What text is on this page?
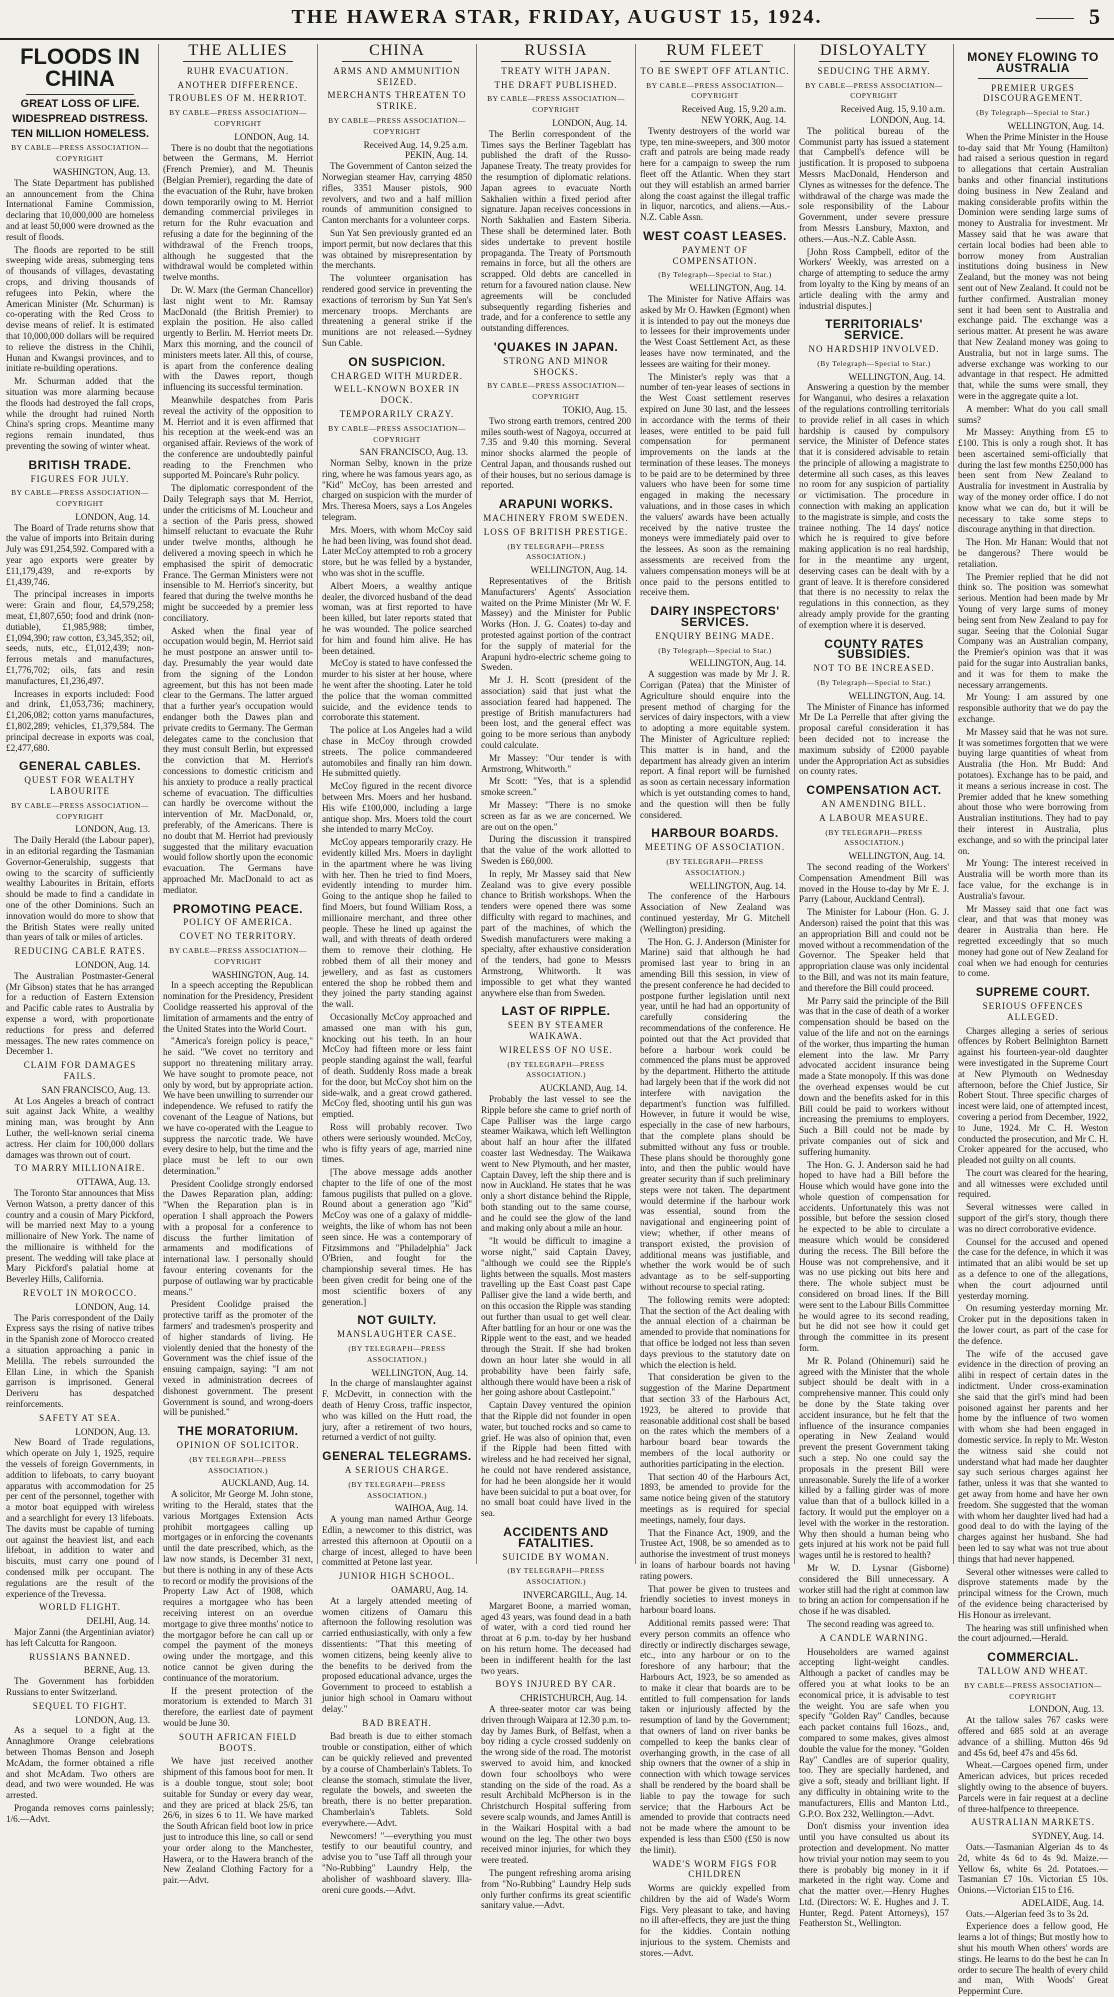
THE HAWERA STAR, FRIDAY, AUGUST 15, 1924.	5
FLOODS IN CHINA
GREAT LOSS OF LIFE.
WIDESPREAD DISTRESS.
TEN MILLION HOMELESS.
BY CABLE—PRESS ASSOCIATION—COPYRIGHT
WASHINGTON, Aug. 13.

The State Department has published an announcement from the China International Famine Commission, declaring that 10,000,000 are homeless and at least 50,000 were drowned as the result of floods.

The floods are reported to be still sweeping wide areas, submerging tens of thousands of villages, devastating crops, and driving thousands of refugees into Pekin, where the American Minister (Mr. Schurman) is co-operating with the Red Cross to devise means of relief. It is estimated that 10,000,000 dollars will be required to relieve the distress in the Chihli, Hunan and Kwangsi provinces, and to initiate re-building operations.

Mr. Schurman added that the situation was more alarming because the floods had destroyed the fall crops, while the drought had ruined North China's spring crops. Meantime many regions remain inundated, thus preventing the sowing of winter wheat.

BRITISH TRADE.
FIGURES FOR JULY.
BY CABLE—PRESS ASSOCIATION—COPYRIGHT
LONDON, Aug. 14.

The Board of Trade returns show that the value of imports into Britain during July was £91,254,592. Compared with a year ago exports were greater by £11,179,439, and re-exports by £1,439,746.

The principal increases in imports were: Grain and flour, £4,579,258; meat, £1,807,650; food and drink (non-dutiable), £1,985,988; timber, £1,094,390; raw cotton, £3,345,352; oil, seeds, nuts, etc., £1,012,439; non-ferrous metals and manufactures, £1,776,702; oils, fats and resin manufactures, £1,236,497.

Increases in exports included: Food and drink, £1,053,736; machinery, £1,206,082; cotton yarns manufactures, £1,802,289; vehicles, £1,379,584. The principal decrease in exports was coal, £2,477,680.

GENERAL CABLES.
QUEST FOR WEALTHY LABOURITE
BY CABLE—PRESS ASSOCIATION—COPYRIGHT
LONDON, Aug. 13.

The Daily Herald (the Labour paper), in an editorial regarding the Tasmanian Governor-Generalship, suggests that owing to the scarcity of sufficiently wealthy Labourites in Britain, efforts should be made to find a candidate in one of the other Dominions. Such an innovation would do more to show that the British States were really united than years of talk or miles of articles.

REDUCING CABLE RATES.
LONDON, Aug. 14.

The Australian Postmaster-General (Mr Gibson) states that he has arranged for a reduction of Eastern Extension and Pacific cable rates to Australia by expense a word, with proportionate reductions for press and deferred messages. The new rates commence on December 1.

CLAIM FOR DAMAGES FAILS.
SAN FRANCISCO, Aug. 13.

At Los Angeles a breach of contract suit against Jack White, a wealthy mining man, was brought by Ann Luther, the well-known serial cinema actress. Her claim for 100,000 dollars damages was thrown out of court.

TO MARRY MILLIONAIRE.
OTTAWA, Aug. 13.

The Toronto Star announces that Miss Vernon Watson, a pretty dancer of this country and a cousin of Mary Pickford, will be married next May to a young millionaire of New York. The name of the millionaire is withheld for the present. The wedding will take place at Mary Pickford's palatial home at Beverley Hills, California.

REVOLT IN MOROCCO.
LONDON, Aug. 14.

The Paris correspondent of the Daily Express says the rising of native tribes in the Spanish zone of Morocco created a situation approaching a panic in Melilla. The rebels surrounded the Ellan Line, in which the Spanish garrison is imprisoned. General Deriveru has despatched reinforcements.

SAFETY AT SEA.
LONDON, Aug. 13.

New Board of Trade regulations, which operate on July 1, 1925, require the vessels of foreign Governments, in addition to lifeboats, to carry buoyant apparatus with accommodation for 25 per cent of the personnel, together with a motor boat equipped with wireless and a searchlight for every 13 lifeboats. The davits must be capable of turning out against the heaviest list, and each lifeboat, in addition to water and biscuits, must carry one pound of condensed milk per occupant. The regulations are the result of the experience of the Trevessa.

WORLD FLIGHT.
DELHI, Aug. 14.

Major Zanni (the Argentinian aviator) has left Calcutta for Rangoon.

RUSSIANS BANNED.
BERNE, Aug. 13.

The Government has forbidden Russians to enter Switzerland.

SEQUEL TO FIGHT.
LONDON, Aug. 13.

As a sequel to a fight at the Annaghmore Orange celebrations between Thomas Benson and Joseph McAdam, the former obtained a rifle and shot McAdam. Two others are dead, and two were wounded. He was arrested.

Proganda removes corns painlessly; 1/6.—Advt.

THE ALLIES
RUHR EVACUATION.
ANOTHER DIFFERENCE.
TROUBLES OF M. HERRIOT.
BY CABLE—PRESS ASSOCIATION—COPYRIGHT
LONDON, Aug. 14.

There is no doubt that the negotiations between the Germans, M. Herriot (French Premier), and M. Theunis (Belgian Premier), regarding the date of the evacuation of the Ruhr, have broken down temporarily owing to M. Herriot demanding commercial privileges in return for the Ruhr evacuation and refusing a date for the beginning of the withdrawal of the French troops, although he suggested that the withdrawal would be completed within twelve months.

Dr. W. Marx (the German Chancellor) last night went to Mr. Ramsay MacDonald (the British Premier) to explain the position. He also called urgently to Berlin. M. Herriot meets Dr. Marx this morning, and the council of ministers meets later. All this, of course, is apart from the conference dealing with the Dawes report, though influencing its successful termination.

Meanwhile despatches from Paris reveal the activity of the opposition to M. Herriot and it is even affirmed that his reception at the week-end was an organised affair. Reviews of the work of the conference are undoubtedly painful reading to the Frenchmen who supported M. Poincare's Ruhr policy.

The diplomatic correspondent of the Daily Telegraph says that M. Herriot, under the criticisms of M. Loucheur and a section of the Paris press, showed himself reluctant to evacuate the Ruhr under twelve months, although he delivered a moving speech in which he emphasised the spirit of democratic France. The German Ministers were not insensible to M. Herriot's sincerity, but feared that during the twelve months he might be succeeded by a premier less conciliatory.

Asked when the final year of occupation would begin, M. Herriot said he must postpone an answer until to-day. Presumably the year would date from the signing of the London agreement, but this has not been made clear to the Germans. The latter argued that a further year's occupation would endanger both the Dawes plan and private credits to Germany. The German delegates came to the conclusion that they must consult Berlin, but expressed the conviction that M. Herriot's concessions to domestic criticism and his anxiety to produce a really practical scheme of evacuation. The difficulties can hardly be overcome without the intervention of Mr. MacDonald, or, preferably, of the Americans. There is no doubt that M. Herriot had previously suggested that the military evacuation would follow shortly upon the economic evacuation. The Germans have approached Mr. MacDonald to act as mediator.

PROMOTING PEACE.
POLICY OF AMERICA.
COVET NO TERRITORY.
BY CABLE—PRESS ASSOCIATION—COPYRIGHT
WASHINGTON, Aug. 14.

In a speech accepting the Republican nomination for the Presidency, President Coolidge reasserted his approval of the limitation of armaments and the entry of the United States into the World Court.

"America's foreign policy is peace," he said. "We covet no territory and support no threatening military array. We have sought to promote peace, not only by word, but by appropriate action. We have been unwilling to surrender our independence. We refused to ratify the covenant of the League of Nations, but we have co-operated with the League to suppress the narcotic trade. We have every desire to help, but the time and the place must be left to our own determination."

President Coolidge strongly endorsed the Dawes Reparation plan, adding: "When the Reparation plan is in operation I shall approach the Powers with a proposal for a conference to discuss the further limitation of armaments and modifications of international law. I personally should favour entering covenants for the purpose of outlawing war by practicable means."

President Coolidge praised the protective tariff as the promoter of the farmers' and tradesmen's prosperity and of higher standards of living. He violently denied that the honesty of the Government was the chief issue of the ensuing campaign, saying: "I am not vexed in administration decrees of dishonest government. The present Government is sound, and wrong-doers will be punished."

THE MORATORIUM.
OPINION OF SOLICITOR.
(BY TELEGRAPH—PRESS ASSOCIATION.)
AUCKLAND, Aug. 14.

A solicitor, Mr George M. John stone, writing to the Herald, states that the various Mortgages Extension Acts prohibit mortgagees calling up mortgages or in enforcing the covenants until the date prescribed, which, as the law now stands, is December 31 next, but there is nothing in any of these Acts to record or modify the provisions of the Property Law Act of 1908, which requires a mortgagee who has been receiving interest on an overdue mortgage to give three months' notice to the mortgagor before he can call up or compel the payment of the moneys owing under the mortgage, and this notice cannot be given during the continuance of the moratorium.

If the present protection of the moratorium is extended to March 31 therefore, the earliest date of payment would be June 30.

SOUTH AFRICAN FIELD BOOTS.

We have just received another shipment of this famous boot for men. It is a double tongue, stout sole; boot suitable for Sunday or every day wear, and they are priced at black 25/6, tan 26/6, in sizes 6 to 11. We have marked the South African field boot low in price just to introduce this line, so call or send your order along to the Manchester, Hawera, or to the Hawera branch of the New Zealand Clothing Factory for a pair.—Advt.

CHINA
ARMS AND AMMUNITION SEIZED.
MERCHANTS THREATEN TO STRIKE.
BY CABLE—PRESS ASSOCIATION—COPYRIGHT
Received Aug. 14, 9.25 a.m.
PEKIN, Aug. 14.

The Government of Canton seized the Norwegian steamer Hav, carrying 4850 rifles, 3351 Mauser pistols, 900 revolvers, and two and a half million rounds of ammunition consigned to Canton merchants for a volunteer corps.

Sun Yat Sen previously granted ed an import permit, but now declares that this was obtained by misrepresentation by the merchants.

The volunteer organisation has rendered good service in preventing the exactions of terrorism by Sun Yat Sen's mercenary troops. Merchants are threatening a general strike if the munitions are not released.—Sydney Sun Cable.

ON SUSPICION.
CHARGED WITH MURDER.
WELL-KNOWN BOXER IN DOCK.
TEMPORARILY CRAZY.
BY CABLE—PRESS ASSOCIATION—COPYRIGHT
SAN FRANCISCO, Aug. 13.

Norman Selby, known in the prize ring, where he was famous years ago, as "Kid" McCoy, has been arrested and charged on suspicion with the murder of Mrs. Theresa Moers, says a Los Angeles telegram.

Mrs. Moers, with whom McCoy said he had been living, was found shot dead. Later McCoy attempted to rob a grocery store, but he was felled by a bystander, who was shot in the scuffle.

Albert Moers, a wealthy antique dealer, the divorced husband of the dead woman, was at first reported to have been killed, but later reports stated that he was wounded. The police searched for him and found him alive. He has been detained.

McCoy is stated to have confessed the murder to his sister at her house, where he went after the shooting. Later he told the police that the woman committed suicide, and the evidence tends to corroborate this statement.

The police at Los Angeles had a wild chase in McCoy through crowded streets. The police commandeered automobiles and finally ran him down. He submitted quietly.

McCoy figured in the recent divorce between Mrs. Moers and her husband. His wife £100,000, including a large antique shop. Mrs. Moers told the court she intended to marry McCoy.

McCoy appears temporarily crazy. He evidently killed Mrs. Moers in daylight in the apartment where he was living with her. Then he tried to find Moers, evidently intending to murder him. Going to the antique shop he failed to find Moers, but found William Ross, a millionaire merchant, and three other people. These he lined up against the wall, and with threats of death ordered them to remove their clothing. He robbed them of all their money and jewellery, and as fast as customers entered the shop he robbed them and they joined the party standing against the wall.

Occasionally McCoy approached and amassed one man with his gun, knocking out his teeth. In an hour McCoy had fifteen more or less faint people standing against the wall, fearful of death. Suddenly Ross made a break for the door, but McCoy shot him on the side-walk, and a great crowd gathered. McCoy fled, shooting until his gun was emptied.

Ross will probably recover. Two others were seriously wounded. McCoy, who is fifty years of age, married nine times.

[The above message adds another chapter to the life of one of the most famous pugilists that pulled on a glove. Round about a generation ago "Kid" McCoy was one of a galaxy of middle-weights, the like of whom has not been seen since. He was a contemporary of Fitzsimmons and "Philadelphia" Jack O'Brien, and fought for the championship several times. He has been given credit for being one of the most scientific boxers of any generation.]

NOT GUILTY.
MANSLAUGHTER CASE.
(BY TELEGRAPH—PRESS ASSOCIATION.)
WELLINGTON, Aug. 14.

In the charge of manslaughter against F. McDevitt, in connection with the death of Henry Cross, traffic inspector, who was killed on the Hutt road, the jury, after a retirement of two hours, returned a verdict of not guilty.

GENERAL TELEGRAMS.
A SERIOUS CHARGE.
(BY TELEGRAPH—PRESS ASSOCIATION.)
WAIHOA, Aug. 14.

A young man named Arthur George Edlin, a newcomer to this district, was arrested this afternoon at Opoutii on a charge of incest, alleged to have been committed at Petone last year.

JUNIOR HIGH SCHOOL.
OAMARU, Aug. 14.

At a largely attended meeting of women citizens of Oamaru this afternoon the following resolution was carried enthusiastically, with only a few dissentients: "That this meeting of women citizens, being keenly alive to the benefits to be derived from the proposed educational advance, urges the Government to proceed to establish a junior high school in Oamaru without delay."

BAD BREATH.

Bad breath is due to either stomach trouble or constipation, either of which can be quickly relieved and prevented by a course of Chamberlain's Tablets. To cleanse the stomach, stimulate the liver, regulate the bowels, and sweeten the breath, there is no better preparation. Chamberlain's Tablets. Sold everywhere.—Advt.

Newcomers! "—everything you must testify to our beautiful country, and advise you to "use Taff all through your "No-Rubbing" Laundry Help, the abolisher of washboard slavery. Illa-oreni cure goods.—Advt.

RUSSIA
TREATY WITH JAPAN.
THE DRAFT PUBLISHED.
BY CABLE—PRESS ASSOCIATION—COPYRIGHT
LONDON, Aug. 14.

The Berlin correspondent of the Times says the Berliner Tageblatt has published the draft of the Russo-Japanese Treaty. The treaty provides for the resumption of diplomatic relations. Japan agrees to evacuate North Sakhalien within a fixed period after signature. Japan receives concessions in North Sakhalien and Eastern Siberia. These shall be determined later. Both sides undertake to prevent hostile propaganda. The Treaty of Portsmouth remains in force, but all the others are scrapped. Old debts are cancelled in return for a favoured nation clause. New agreements will be concluded subsequently regarding fisheries and trade, and for a conference to settle any outstanding differences.

'QUAKES IN JAPAN.
STRONG AND MINOR SHOCKS.
BY CABLE—PRESS ASSOCIATION—COPYRIGHT
TOKIO, Aug. 15.

Two strong earth tremors, centred 200 miles south-west of Nagoya, occurred at 7.35 and 9.40 this morning. Several minor shocks alarmed the people of Central Japan, and thousands rushed out of their houses, but no serious damage is reported.

ARAPUNI WORKS.
MACHINERY FROM SWEDEN.
LOSS OF BRITISH PRESTIGE.
(BY TELEGRAPH—PRESS ASSOCIATION.)
WELLINGTON, Aug. 14.

Representatives of the British Manufacturers' Agents' Association waited on the Prime Minister (Mr W. F. Massey) and the Minister for Public Works (Hon. J. G. Coates) to-day and protested against portion of the contract for the supply of material for the Arapuni hydro-electric scheme going to Sweden.

Mr J. H. Scott (president of the association) said that just what the association feared had happened. The prestige of British manufacturers had been lost, and the general effect was going to be more serious than anybody could calculate.

Mr Massey: "Our tender is with Armstrong, Whitworth."

Mr Scott: "Yes, that is a splendid smoke screen."

Mr Massey: "There is no smoke screen as far as we are concerned. We are out on the open."

During the discussion it transpired that the value of the work allotted to Sweden is £60,000.

In reply, Mr Massey said that New Zealand was to give every possible chance to British workshops. When the tenders were opened there was some difficulty with regard to machines, and part of the machines, of which the Swedish manufacturers were making a specialty, after exhaustive consideration of the tenders, had gone to Messrs Armstrong, Whitworth. It was impossible to get what they wanted anywhere else than from Sweden.

LAST OF RIPPLE.
SEEN BY STEAMER WAIKAWA.
WIRELESS OF NO USE.
(BY TELEGRAPH—PRESS ASSOCIATION.)
AUCKLAND, Aug. 14.

Probably the last vessel to see the Ripple before she came to grief north of Cape Palliser was the large cargo steamer Waikawa, which left Wellington about half an hour after the illfated coaster last Wednesday. The Waikawa went to New Plymouth, and her master, Captain Davey, left the ship there and is now in Auckland. He states that he was only a short distance behind the Ripple, both standing out to the same course, and he could see the glow of the land and making only about a mile an hour.

"It would be difficult to imagine a worse night," said Captain Davey, "although we could see the Ripple's lights between the squalls. Most masters travelling up the East Coast past Cape Palliser give the land a wide berth, and on this occasion the Ripple was standing out further than usual to get well clear. After battling for an hour or one was the Ripple went to the east, and we headed through the Strait. If she had broken down an hour later she would in all probability have been fairly safe, although there would have been a risk of her going ashore about Castlepoint."

Captain Davey ventured the opinion that the Ripple did not founder in open water, but touched rocks and so came to grief. He was also of opinion that, even if the Ripple had been fitted with wireless and he had received her signal, he could not have rendered assistance, for had he been alongside her it would have been suicidal to put a boat over, for no small boat could have lived in the sea.

ACCIDENTS AND FATALITIES.
SUICIDE BY WOMAN.
(BY TELEGRAPH—PRESS ASSOCIATION.)
INVERCARGILL, Aug. 14.

Margaret Boone, a married woman, aged 43 years, was found dead in a bath of water, with a cord tied round her throat at 6 p.m. to-day by her husband on his return home. The deceased had been in indifferent health for the last two years.

BOYS INJURED BY CAR.
CHRISTCHURCH, Aug. 14.

A three-seater motor car was being driven through Waipara at 12.30 p.m. to-day by James Burk, of Belfast, when a boy riding a cycle crossed suddenly on the wrong side of the road. The motorist swerved to avoid him, and knocked down four schoolboys who were standing on the side of the road. As a result Archibald McPherson is in the Christchurch Hospital suffering from severe scalp wounds, and James Antill is in the Waikari Hospital with a bad wound on the leg. The other two boys received minor injuries, for which they were treated.

The pungent refreshing aroma arising from "No-Rubbing" Laundry Help suds only further confirms its great scientific sanitary value.—Advt.

RUM FLEET
TO BE SWEPT OFF ATLANTIC.
BY CABLE—PRESS ASSOCIATION—COPYRIGHT
Received Aug. 15, 9.20 a.m.
NEW YORK, Aug. 14.

Twenty destroyers of the world war type, ten mine-sweepers, and 300 motor craft and patrols are being made ready here for a campaign to sweep the rum fleet off the Atlantic. When they start out they will establish an armed barrier along the coast against the illegal traffic in liquor, narcotics, and aliens.—Aus.-N.Z. Cable Assn.

WEST COAST LEASES.
PAYMENT OF COMPENSATION.
(By Telegraph—Special to Star.)
WELLINGTON, Aug. 14.

The Minister for Native Affairs was asked by Mr O. Hawken (Egmont) when it is intended to pay out the moneys due to lessees for their improvements under the West Coast Settlement Act, as these leases have now terminated, and the lessees are waiting for their money.

The Minister's reply was that a number of ten-year leases of sections in the West Coast settlement reserves expired on June 30 last, and the lessees in accordance with the terms of their leases, were entitled to be paid full compensation for permanent improvements on the lands at the termination of these leases. The moneys to be paid are to be determined by three valuers who have been for some time engaged in making the necessary valuations, and in those cases in which the valuers' awards have been actually received by the native trustee the moneys were immediately paid over to the lessees. As soon as the remaining assessments are received from the valuers compensation moneys will be at once paid to the persons entitled to receive them.

DAIRY INSPECTORS' SERVICES.
ENQUIRY BEING MADE.
(By Telegraph—Special to Star.)
WELLINGTON, Aug. 14.

A suggestion was made by Mr J. R. Corrigan (Patea) that the Minister of Agriculture should enquire into the present method of charging for the services of dairy inspectors, with a view to adopting a more equitable system. The Minister of Agriculture replied: This matter is in hand, and the department has already given an interim report. A final report will be furnished as soon as certain necessary information which is yet outstanding comes to hand, and the question will then be fully considered.

HARBOUR BOARDS.
MEETING OF ASSOCIATION.
(BY TELEGRAPH—PRESS ASSOCIATION.)
WELLINGTON, Aug. 14.

The conference of the Harbours Association of New Zealand was continued yesterday, Mr G. Mitchell (Wellington) presiding.

The Hon. G. J. Anderson (Minister for Marine) said that although he had promised last year to bring in an amending Bill this session, in view of the present conference he had decided to postpone further legislation until next year, until he had had an opportunity of carefully considering the recommendations of the conference. He pointed out that the Act provided that before a harbour work could be commenced the plans must be approved by the department. Hitherto the attitude had largely been that if the work did not interfere with navigation the department's function was fulfilled. However, in future it would be wise, especially in the case of new harbours, that the complete plans should be submitted without any fuss or trouble. These plans should be thoroughly gone into, and then the public would have greater security than if such preliminary steps were not taken. The department would determine if the harbour work was essential, sound from the navigational and engineering point of view; whether, if other means of transport existed, the provision of additional means was justifiable, and whether the work would be of such advantage as to be self-supporting without recourse to special rating.

The following remits were adopted: That the section of the Act dealing with the annual election of a chairman be amended to provide that nominations for that office be lodged not less than seven days previous to the statutory date on which the election is held.

That consideration be given to the suggestion of the Marine Department that section 33 of the Harbours Act, 1923, be altered to provide that reasonable additional cost shall be based on the rates which the members of a harbour board bear towards the members of the local authority or authorities participating in the election.

That section 40 of the Harbours Act, 1893, be amended to provide for the same notice being given of the statutory meetings as is required for special meetings, namely, four days.

That the Finance Act, 1909, and the Trustee Act, 1908, be so amended as to authorise the investment of trust moneys in loans of harbour boards not having rating powers.

That power be given to trustees and friendly societies to invest moneys in harbour board loans.

Additional remits passed were: That every person commits an offence who directly or indirectly discharges sewage, etc., into any harbour or on to the foreshore of any harbour; that the Harbours Act, 1923, be so amended as to make it clear that boards are to be entitled to full compensation for lands taken or injuriously affected by the resumption of land by the Government; that owners of land on river banks be compelled to keep the banks clear of overhanging growth, in the case of all ship owners that the owner of a ship in connection with which towage services shall be rendered by the board shall be liable to pay the towage for such service; that the Harbours Act be amended to provide that contracts need not be made where the amount to be expended is less than £500 (£50 is now the limit).

WADE'S WORM FIGS FOR CHILDREN

Worms are quickly expelled from children by the aid of Wade's Worm Figs. Very pleasant to take, and having no ill after-effects, they are just the thing for the kiddies. Contain nothing injurious to the system. Chemists and stores.—Advt.

DISLOYALTY
SEDUCING THE ARMY.
BY CABLE—PRESS ASSOCIATION—COPYRIGHT
Received Aug. 15, 9.10 a.m.
LONDON, Aug. 14.

The political bureau of the Communist party has issued a statement that Campbell's defence will be justification. It is proposed to subpoena Messrs MacDonald, Henderson and Clynes as witnesses for the defence. The withdrawal of the charge was made the sole responsibility of the Labour Government, under severe pressure from Messrs Lansbury, Maxton, and others.—Aus.-N.Z. Cable Assn.

[John Ross Campbell, editor of the Workers' Weekly, was arrested on a charge of attempting to seduce the army from loyalty to the King by means of an article dealing with the army and industrial disputes.]

TERRITORIALS' SERVICE.
NO HARDSHIP INVOLVED.
(By Telegraph—Special to Star.)
WELLINGTON, Aug. 14.

Answering a question by the member for Wanganui, who desires a relaxation of the regulations controlling territorials to provide relief in all cases in which hardship is caused by compulsory service, the Minister of Defence states that it is considered advisable to retain the principle of allowing a magistrate to determine all such cases, as this leaves no room for any suspicion of partiality or victimisation. The procedure in connection with making an application to the magistrate is simple, and costs the trainee nothing. The 14 days' notice which he is required to give before making application is no real hardship, for in the meantime any urgent, deserving cases can be dealt with by a grant of leave. It is therefore considered that there is no necessity to relax the regulations in this connection, as they already amply provide for the granting of exemption where it is deserved.

COUNTY RATES SUBSIDIES.
NOT TO BE INCREASED.
(By Telegraph—Special to Star.)
WELLINGTON, Aug. 14.

The Minister of Finance has informed Mr De La Perrelle that after giving the proposal careful consideration it has been decided not to increase the maximum subsidy of £2000 payable under the Appropriation Act as subsidies on county rates.

COMPENSATION ACT.
AN AMENDING BILL.
A LABOUR MEASURE.
(BY TELEGRAPH—PRESS ASSOCIATION.)
WELLINGTON, Aug. 14.

The second reading of the Workers' Compensation Amendment Bill was moved in the House to-day by Mr E. J. Parry (Labour, Auckland Central).

The Minister for Labour (Hon. G. J. Anderson) raised the point that this was an appropriation Bill and could not be moved without a recommendation of the Governor. The Speaker held that appropriation clause was only incidental to the Bill, and was not its main feature, and therefore the Bill could proceed.

Mr Parry said the principle of the Bill was that in the case of death of a worker compensation should be based on the value of the life and not on the earnings of the worker, thus imparting the human element into the law. Mr Parry advocated accident insurance being made a State monopoly. If this was done the overhead expenses would be cut down and the benefits asked for in this Bill could be paid to workers without increasing the premiums to employers. Such a Bill could not be made by private companies out of sick and suffering humanity.

The Hon. G. J. Anderson said he had hoped to have had a Bill before the House which would have gone into the whole question of compensation for accidents. Unfortunately this was not possible, but before the session closed he expected to be able to circulate a measure which would be considered during the recess. The Bill before the House was not comprehensive, and it was no use picking out bits here and there. The whole subject must be considered on broad lines. If the Bill were sent to the Labour Bills Committee he would agree to its second reading, but he did not see how it could get through the committee in its present form.

Mr R. Poland (Ohinemuri) said he agreed with the Minister that the whole subject should be dealt with in a comprehensive manner. This could only be done by the State taking over accident insurance, but he felt that the influence of the insurance companies operating in New Zealand would prevent the present Government taking such a step. No one could say the proposals in the present Bill were unreasonable. Surely the life of a worker killed by a falling girder was of more value than that of a bullock killed in a factory. It would put the employer on a level with the worker in the restoration. Why then should a human being who gets injured at his work not be paid full wages until he is restored to health?

Mr W. D. Lysnar (Gisborne) considered the Bill unnecessary. A worker still had the right at common law to bring an action for compensation if he chose if he was disabled.

The second reading was agreed to.

A CANDLE WARNING.

Householders are warned against accepting light-weight candles. Although a packet of candles may be offered you at what looks to be an economical price, it is advisable to test the weight. You are safe when you specify "Golden Ray" Candles, because each packet contains full 16ozs., and, compared to some makes, gives almost double the value for the money. "Golden Ray" Candles are of superior quality, too. They are specially hardened, and give a soft, steady and brilliant light. If any difficulty in obtaining write to the manufacturers, Ellis and Manton Ltd., G.P.O. Box 232, Wellington.—Advt.

Don't dismiss your invention idea until you have consulted us about its protection and development. No matter how trivial your notion may seem to you there is probably big money in it if marketed in the right way. Come and chat the matter over.—Henry Hughes Ltd. (Directors: W. E. Hughes and J. T. Hunter, Regd. Patent Attorneys), 157 Featherston St., Wellington.

MONEY FLOWING TO AUSTRALIA
PREMIER URGES DISCOURAGEMENT.
(By Telegraph—Special to Star.)
WELLINGTON, Aug. 14.

When the Prime Minister in the House to-day said that Mr Young (Hamilton) had raised a serious question in regard to allegations that certain Australian banks and other financial institutions doing business in New Zealand and making considerable profits within the Dominion were sending large sums of money to Australia for investment. Mr Massey said that he was aware that certain local bodies had been able to borrow money from Australian institutions doing business in New Zealand, but the money was not being sent out of New Zealand. It could not be further confirmed. Australian money sent it had been sent to Australia and exchange paid. The exchange was a serious matter. At present he was aware that New Zealand money was going to Australia, but not in large sums. The adverse exchange was working to our advantage in that respect. He admitted that, while the sums were small, they were in the aggregate quite a lot.

A member: What do you call small sums?

Mr Massey: Anything from £5 to £100. This is only a rough shot. It has been ascertained semi-officially that during the last few months £250,000 has been sent from New Zealand to Australia for investment in Australia by way of the money order office. I do not know what we can do, but it will be necessary to take some steps to discourage anything in that direction.

The Hon. Mr Hanan: Would that not be dangerous? There would be retaliation.

The Premier replied that he did not think so. The position was somewhat serious. Mention had been made by Mr Young of very large sums of money being sent from New Zealand to pay for sugar. Seeing that the Colonial Sugar Company was an Australian company, the Premier's opinion was that it was paid for the sugar into Australian banks, and it was for them to make the necessary arrangements.

Mr Young: I am assured by one responsible authority that we do pay the exchange.

Mr Massey said that he was not sure. It was sometimes forgotten that we were buying large quantities of wheat from Australia (the Hon. Mr Budd: And potatoes). Exchange has to be paid, and it means a serious increase in cost. The Premier added that he knew something about those who were borrowing from Australian institutions. They had to pay their interest in Australia, plus exchange, and so with the principal later on.

Mr Young: The interest received in Australia will be worth more than its face value, for the exchange is in Australia's favour.

Mr Massey said that one fact was clear, and that was that money was dearer in Australia than here. He regretted exceedingly that so much money had gone out of New Zealand for coal when we had enough for centuries to come.

SUPREME COURT.
SERIOUS OFFENCES ALLEGED.

Charges alleging a series of serious offences by Robert Bellnighton Barnett against his fourteen-year-old daughter were investigated in the Supreme Court at New Plymouth on Wednesday afternoon, before the Chief Justice, Sir Robert Stout. Three specific charges of incest were laid, one of attempted incest, covering a period from December, 1922, to June, 1924. Mr C. H. Weston conducted the prosecution, and Mr C. H. Croker appeared for the accused, who pleaded not guilty on all counts.

The court was cleared for the hearing, and all witnesses were excluded until required.

Several witnesses were called in support of the girl's story, though there was no direct corroborative evidence.

Counsel for the accused and opened the case for the defence, in which it was intimated that an alibi would be set up as a defence to one of the allegations, when the court adjourned until yesterday morning.

On resuming yesterday morning Mr. Croker put in the depositions taken in the lower court, as part of the case for the defence.

The wife of the accused gave evidence in the direction of proving an alibi in respect of certain dates in the indictment. Under cross-examination she said that the girl's mind had been poisoned against her parents and her home by the influence of two women with whom she had been engaged in domestic service. In reply to Mr. Weston the witness said she could not understand what had made her daughter say such serious charges against her father, unless it was that she wanted to get away from home and have her own freedom. She suggested that the woman with whom her daughter lived had had a good deal to do with the laying of the charges against her husband. She had been led to say what was not true about things that had never happened.

Several other witnesses were called to disprove statements made by the principal witness for the Crown, much of the evidence being characterised by His Honour as irrelevant.

The hearing was still unfinished when the court adjourned.—Herald.

COMMERCIAL.
TALLOW AND WHEAT.
BY CABLE—PRESS ASSOCIATION—COPYRIGHT
LONDON, Aug. 13.

At the tallow sales 767 casks were offered and 685 sold at an average advance of a shilling. Mutton 46s 9d and 45s 6d, beef 47s and 45s 6d.

Wheat.—Cargoes opened firm, under American advices, but prices receded slightly owing to the absence of buyers. Parcels were in fair request at a decline of three-halfpence to threepence.

AUSTRALIAN MARKETS.
SYDNEY, Aug. 14.

Oats.—Tasmanian Algerian 4s to 4s 2d, white 4s 6d to 4s 9d. Maize.—Yellow 6s, white 6s 2d. Potatoes.—Tasmanian £7 10s. Victorian £5 10s. Onions.—Victorian £15 to £16.

ADELAIDE, Aug. 14.

Oats.—Algerian feed 3s to 3s 2d.

Experience does a fellow good, He learns a lot of things; But mostly how to shut his mouth When others' words are stings. He learns to do the best he can In order to secure The health of every child and man, With Woods' Great Peppermint Cure.
